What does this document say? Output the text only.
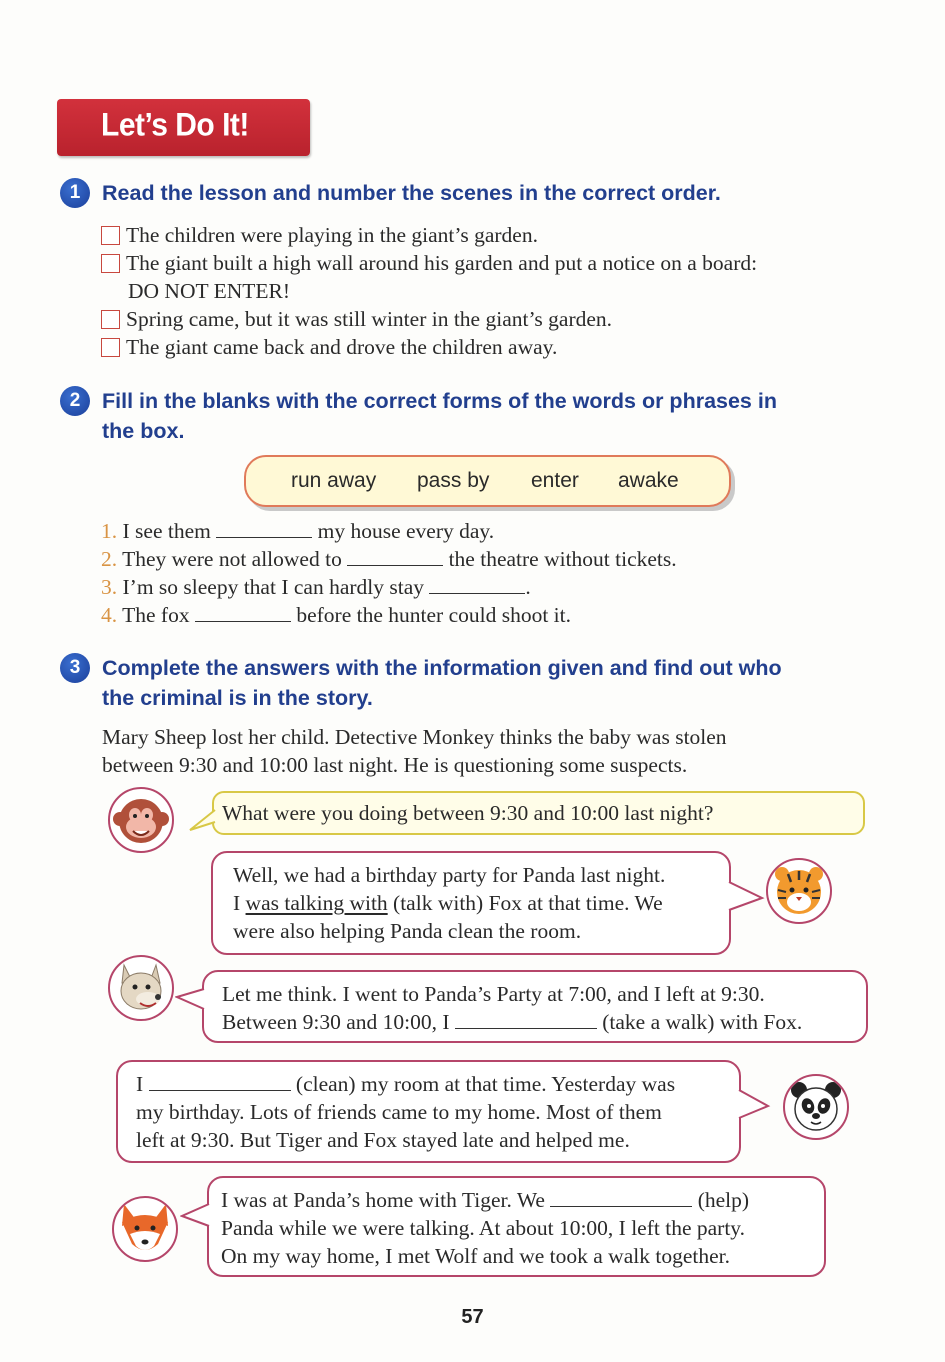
Let’s Do It!
1	Read the lesson and number the scenes in the correct order.
The children were playing in the giant’s garden.
The giant built a high wall around his garden and put a notice on a board:
DO NOT ENTER!
Spring came, but it was still winter in the giant’s garden.
The giant came back and drove the children away.
2	Fill in the blanks with the correct forms of the words or phrases in
the box.
run away pass by enter awake
1. I see them	my house every day.
2. They were not allowed to	the theatre without tickets.
3. I’m so sleepy that I can hardly stay	.
4. The fox	before the hunter could shoot it.
3	Complete the answers with the information given and find out who
the criminal is in the story.
Mary Sheep lost her child. Detective Monkey thinks the baby was stolen
between 9:30 and 10:00 last night. He is questioning some suspects.
What were you doing between 9:30 and 10:00 last night?
Well, we had a birthday party for Panda last night.
I was talking with (talk with) Fox at that time. We
were also helping Panda clean the room.
Let me think. I went to Panda’s Party at 7:00, and I left at 9:30.
Between 9:30 and 10:00, I	(take a walk) with Fox.
I	(clean) my room at that time. Yesterday was
my birthday. Lots of friends came to my home. Most of them
left at 9:30. But Tiger and Fox stayed late and helped me.
I was at Panda’s home with Tiger. We	(help)
Panda while we were talking. At about 10:00, I left the party.
On my way home, I met Wolf and we took a walk together.
57
